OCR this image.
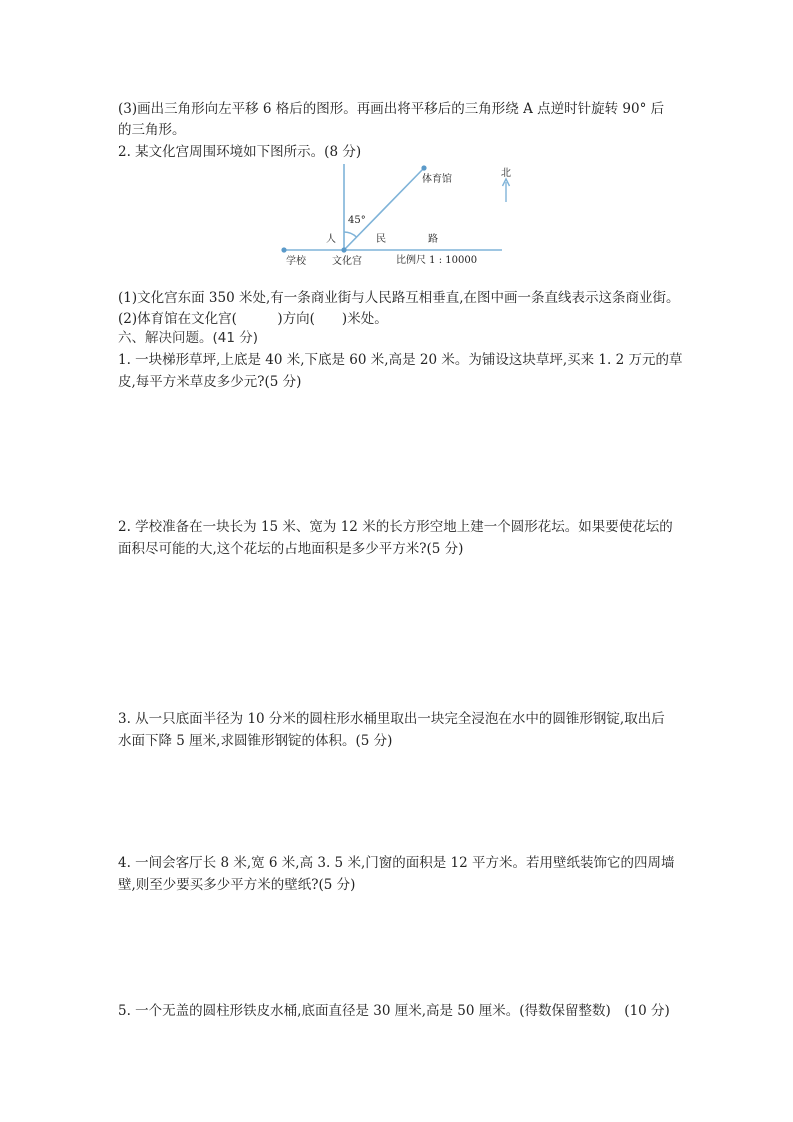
(3)画出三角形向左平移 6 格后的图形。再画出将平移后的三角形绕 A 点逆时针旋转 90° 后
的三角形。
2. 某文化宫周围环境如下图所示。(8 分)
北
体育馆
45°
人	民	路
学校	文化宫	比例尺 1 : 10000
(1)文化宫东面 350 米处,有一条商业街与人民路互相垂直,在图中画一条直线表示这条商业街。
(2)体育馆在文化宫(　　　)方向(　　)米处。
六、解决问题。(41 分)
1. 一块梯形草坪,上底是 40 米,下底是 60 米,高是 20 米。为铺设这块草坪,买来 1. 2 万元的草
皮,每平方米草皮多少元?(5 分)
2. 学校准备在一块长为 15 米、宽为 12 米的长方形空地上建一个圆形花坛。如果要使花坛的
面积尽可能的大,这个花坛的占地面积是多少平方米?(5 分)
3. 从一只底面半径为 10 分米的圆柱形水桶里取出一块完全浸泡在水中的圆锥形钢锭,取出后
水面下降 5 厘米,求圆锥形钢锭的体积。(5 分)
4. 一间会客厅长 8 米,宽 6 米,高 3. 5 米,门窗的面积是 12 平方米。若用壁纸装饰它的四周墙
壁,则至少要买多少平方米的壁纸?(5 分)
5. 一个无盖的圆柱形铁皮水桶,底面直径是 30 厘米,高是 50 厘米。(得数保留整数)　(10 分)
